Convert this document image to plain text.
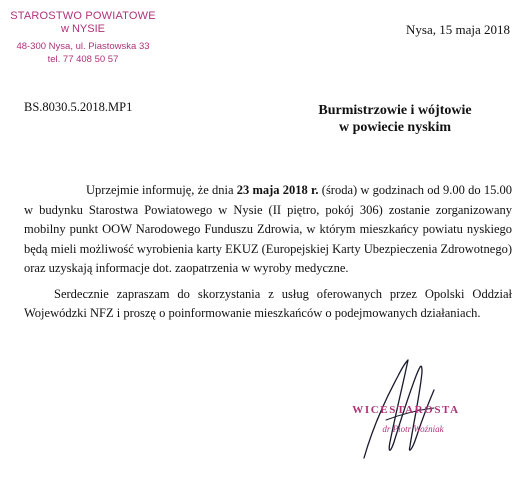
STAROSTWO POWIATOWE
w NYSIE
48-300 Nysa, ul. Piastowska 33
tel. 77 408 50 57
Nysa, 15 maja 2018
BS.8030.5.2018.MP1	Burmistrzowie i wójtowie
w powiecie nyskim

Uprzejmie informuję, że dnia 23 maja 2018 r. (środa) w godzinach od 9.00 do 15.00 w budynku Starostwa Powiatowego w Nysie (II piętro, pokój 306) zostanie zorganizowany mobilny punkt OOW Narodowego Funduszu Zdrowia, w którym mieszkańcy powiatu nyskiego będą mieli możliwość wyrobienia karty EKUZ (Europejskiej Karty Ubezpieczenia Zdrowotnego) oraz uzyskają informacje dot. zaopatrzenia w wyroby medyczne.

Serdecznie zapraszam do skorzystania z usług oferowanych przez Opolski Oddział Wojewódzki NFZ i proszę o poinformowanie mieszkańców o podejmowanych działaniach.

WICESTAROSTA
dr Piotr Woźniak
